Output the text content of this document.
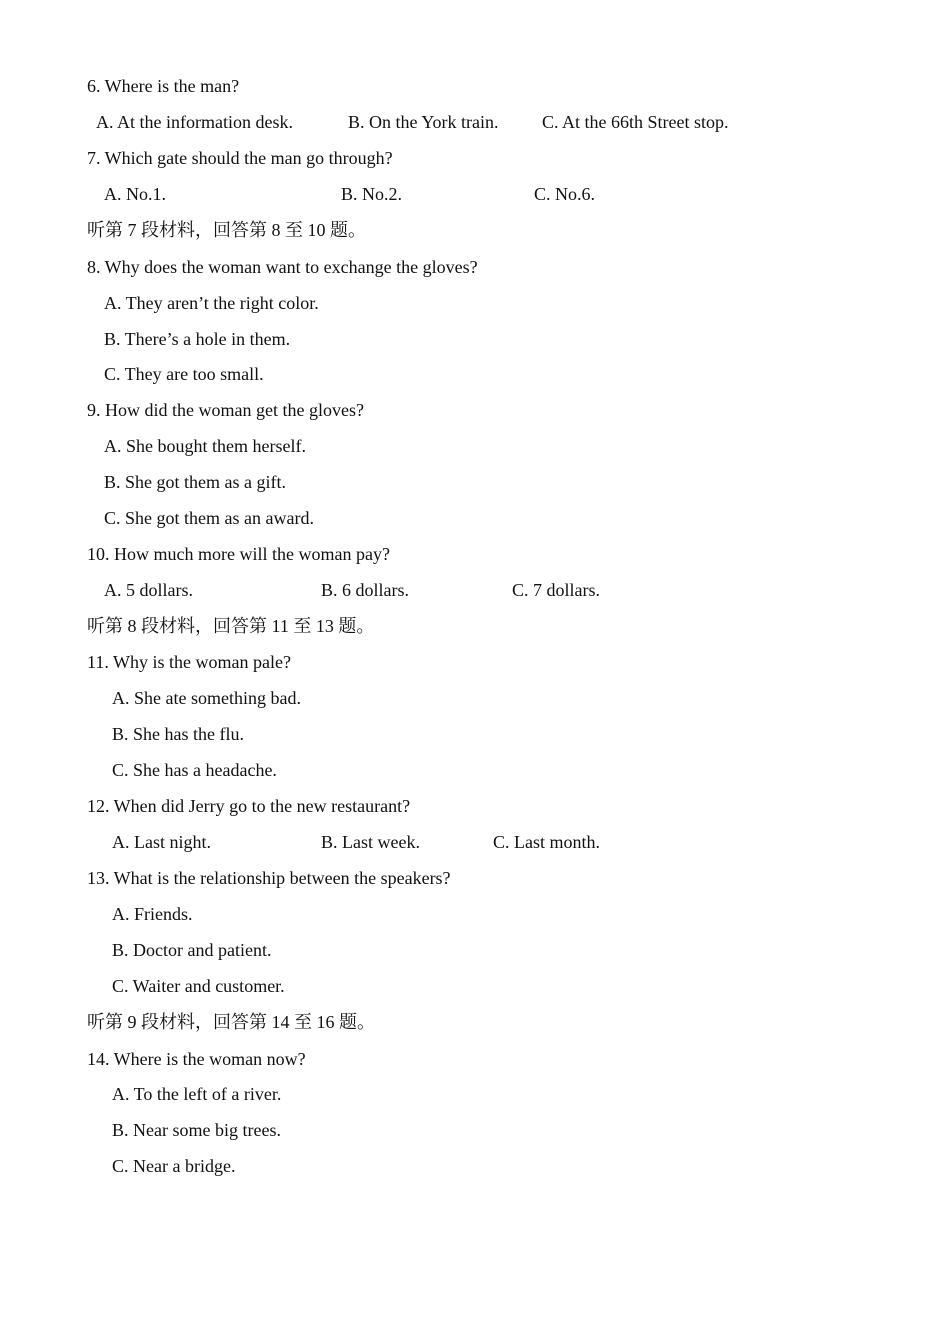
6. Where is the man?
A. At the information desk.	B. On the York train. C. At the 66th Street stop.
7. Which gate should the man go through?
A. No.1.	B. No.2.	C. No.6.
听第 7 段材料，回答第 8 至 10 题。
8. Why does the woman want to exchange the gloves?
A. They aren’t the right color.
B. There’s a hole in them.
C. They are too small.
9. How did the woman get the gloves?
A. She bought them herself.
B. She got them as a gift.
C. She got them as an award.
10. How much more will the woman pay?
A. 5 dollars.	B. 6 dollars.	C. 7 dollars.
听第 8 段材料，回答第 11 至 13 题。
11. Why is the woman pale?
A. She ate something bad.
B. She has the flu.
C. She has a headache.
12. When did Jerry go to the new restaurant?
A. Last night.	B. Last week.	C. Last month.
13. What is the relationship between the speakers?
A. Friends.
B. Doctor and patient.
C. Waiter and customer.
听第 9 段材料，回答第 14 至 16 题。
14. Where is the woman now?
A. To the left of a river.
B. Near some big trees.
C. Near a bridge.
